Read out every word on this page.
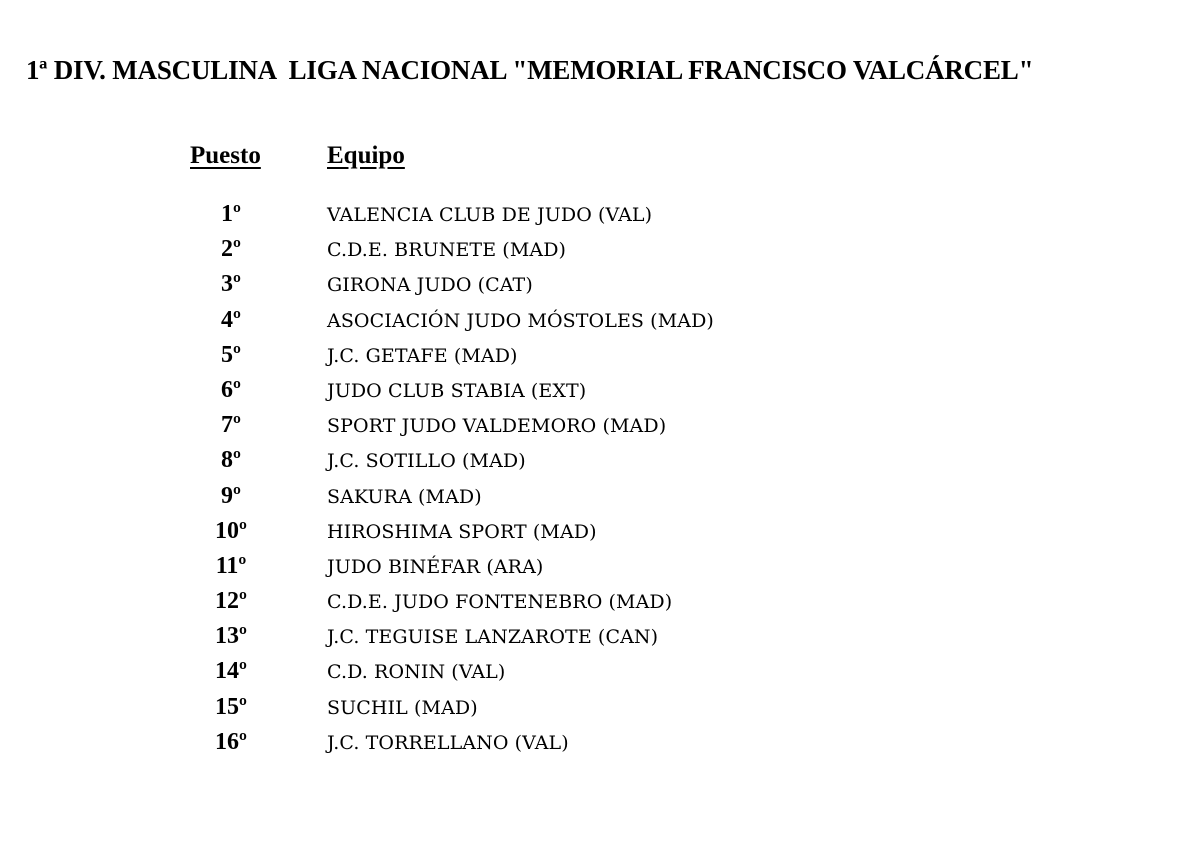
1ª DIV. MASCULINA  LIGA NACIONAL "MEMORIAL FRANCISCO VALCÁRCEL"
Puesto	Equipo
1º	VALENCIA CLUB DE JUDO (VAL)
2º	C.D.E. BRUNETE (MAD)
3º	GIRONA JUDO (CAT)
4º	ASOCIACIÓN JUDO MÓSTOLES (MAD)
5º	J.C. GETAFE (MAD)
6º	JUDO CLUB STABIA (EXT)
7º	SPORT JUDO VALDEMORO (MAD)
8º	J.C. SOTILLO (MAD)
9º	SAKURA (MAD)
10º	HIROSHIMA SPORT (MAD)
11º	JUDO BINÉFAR (ARA)
12º	C.D.E. JUDO FONTENEBRO (MAD)
13º	J.C. TEGUISE LANZAROTE (CAN)
14º	C.D. RONIN (VAL)
15º	SUCHIL (MAD)
16º	J.C. TORRELLANO (VAL)
